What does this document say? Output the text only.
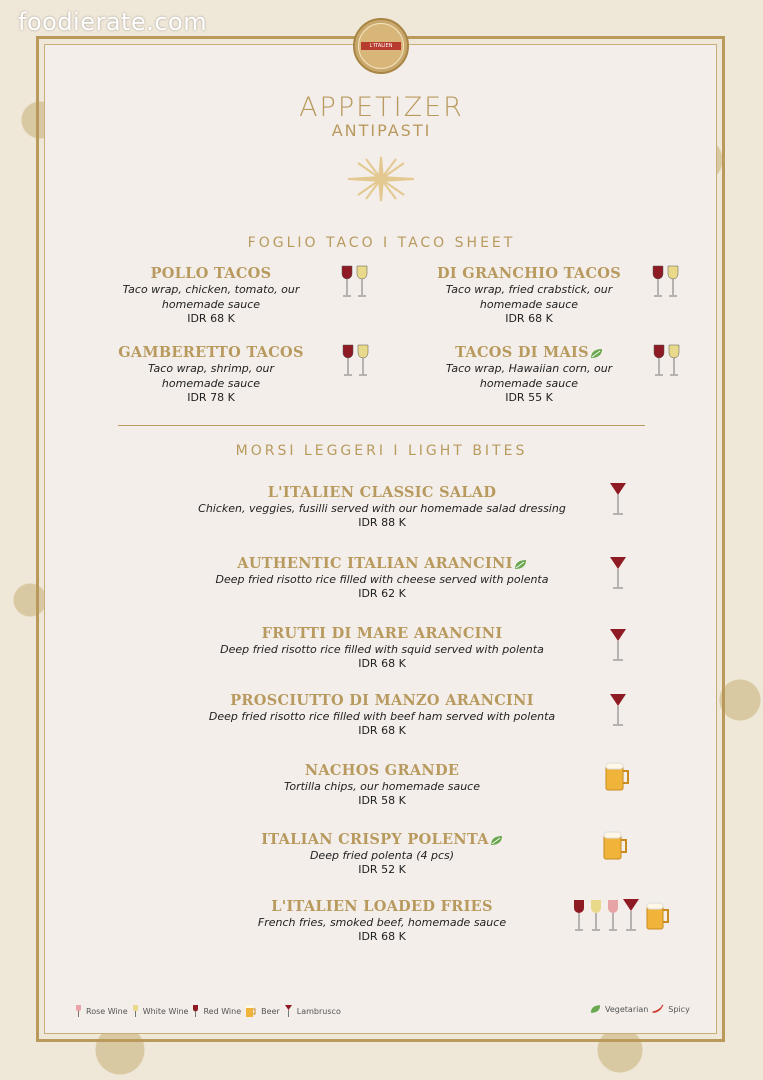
foodierate.com
L'ITALIEN
APPETIZER
ANTIPASTI
FOGLIO TACO I TACO SHEET
POLLO TACOS
Taco wrap, chicken, tomato, our
homemade sauce
IDR 68 K
DI GRANCHIO TACOS
Taco wrap, fried crabstick, our
homemade sauce
IDR 68 K
GAMBERETTO TACOS
Taco wrap, shrimp, our
homemade sauce
IDR 78 K
TACOS DI MAIS
Taco wrap, Hawaiian corn, our
homemade sauce
IDR 55 K
MORSI LEGGERI I LIGHT BITES
L'ITALIEN CLASSIC SALAD
Chicken, veggies, fusilli served with our homemade salad dressing
IDR 88 K
AUTHENTIC ITALIAN ARANCINI
Deep fried risotto rice filled with cheese served with polenta
IDR 62 K
FRUTTI DI MARE ARANCINI
Deep fried risotto rice filled with squid served with polenta
IDR 68 K
PROSCIUTTO DI MANZO ARANCINI
Deep fried risotto rice filled with beef ham served with polenta
IDR 68 K
NACHOS GRANDE
Tortilla chips, our homemade sauce
IDR 58 K
ITALIAN CRISPY POLENTA
Deep fried polenta (4 pcs)
IDR 52 K
L'ITALIEN LOADED FRIES
French fries, smoked beef, homemade sauce
IDR 68 K
Rose Wine White Wine Red Wine	Beer Lambrusco	Vegetarian	Spicy
